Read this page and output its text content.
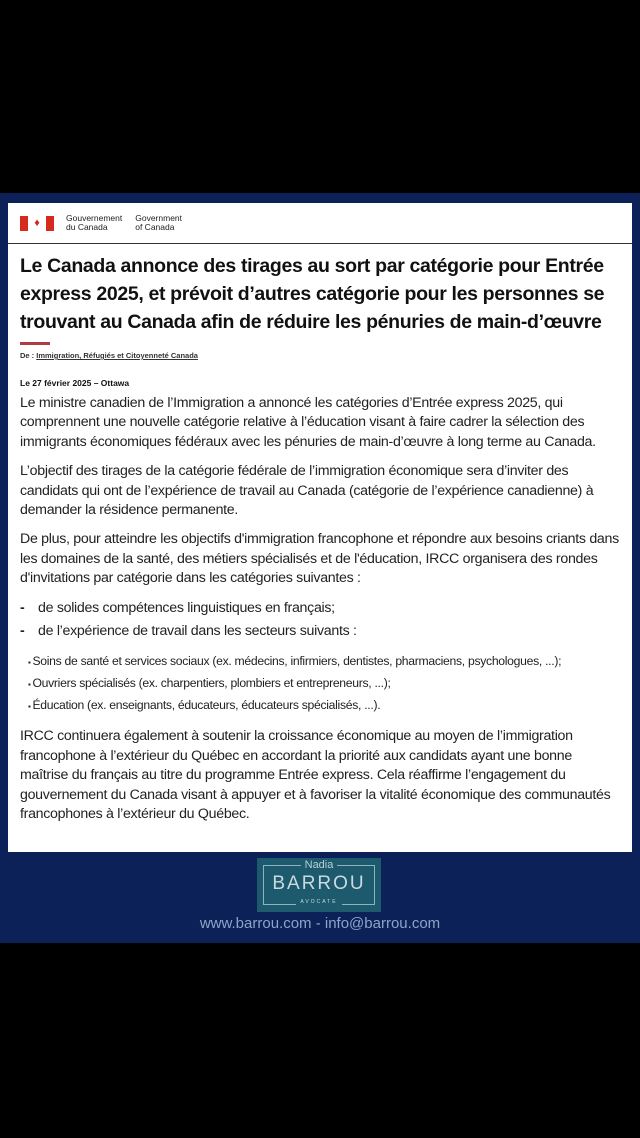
♦	Gouvernement
du Canada
Government
of Canada
Le Canada annonce des tirages au sort par catégorie pour Entrée express 2025, et prévoit d’autres catégorie pour les personnes se trouvant au Canada afin de réduire les pénuries de main-d’œuvre
De : Immigration, Réfugiés et Citoyenneté Canada
Le 27 février 2025 – Ottawa

Le ministre canadien de l’Immigration a annoncé les catégories d’Entrée express 2025, qui comprennent une nouvelle catégorie relative à l’éducation visant à faire cadrer la sélection des immigrants économiques fédéraux avec les pénuries de main-d’œuvre à long terme au Canada.

L’objectif des tirages de la catégorie fédérale de l’immigration économique sera d’inviter des candidats qui ont de l’expérience de travail au Canada (catégorie de l’expérience canadienne) à demander la résidence permanente.

De plus, pour atteindre les objectifs d'immigration francophone et répondre aux besoins criants dans les domaines de la santé, des métiers spécialisés et de l'éducation, IRCC organisera des rondes d'invitations par catégorie dans les catégories suivantes :

- de solides compétences linguistiques en français;
- de l’expérience de travail dans les secteurs suivants :
▪ Soins de santé et services sociaux (ex. médecins, infirmiers, dentistes, pharmaciens, psychologues, ...);
▪ Ouvriers spécialisés (ex. charpentiers, plombiers et entrepreneurs, ...);
▪ Éducation (ex. enseignants, éducateurs, éducateurs spécialisés, ...).

IRCC continuera également à soutenir la croissance économique au moyen de l’immigration francophone à l’extérieur du Québec en accordant la priorité aux candidats ayant une bonne maîtrise du français au titre du programme Entrée express. Cela réaffirme l’engagement du gouvernement du Canada visant à appuyer et à favoriser la vitalité économique des communautés francophones à l’extérieur du Québec.

Nadia
BARROU
AVOCATE
www.barrou.com - info@barrou.com
